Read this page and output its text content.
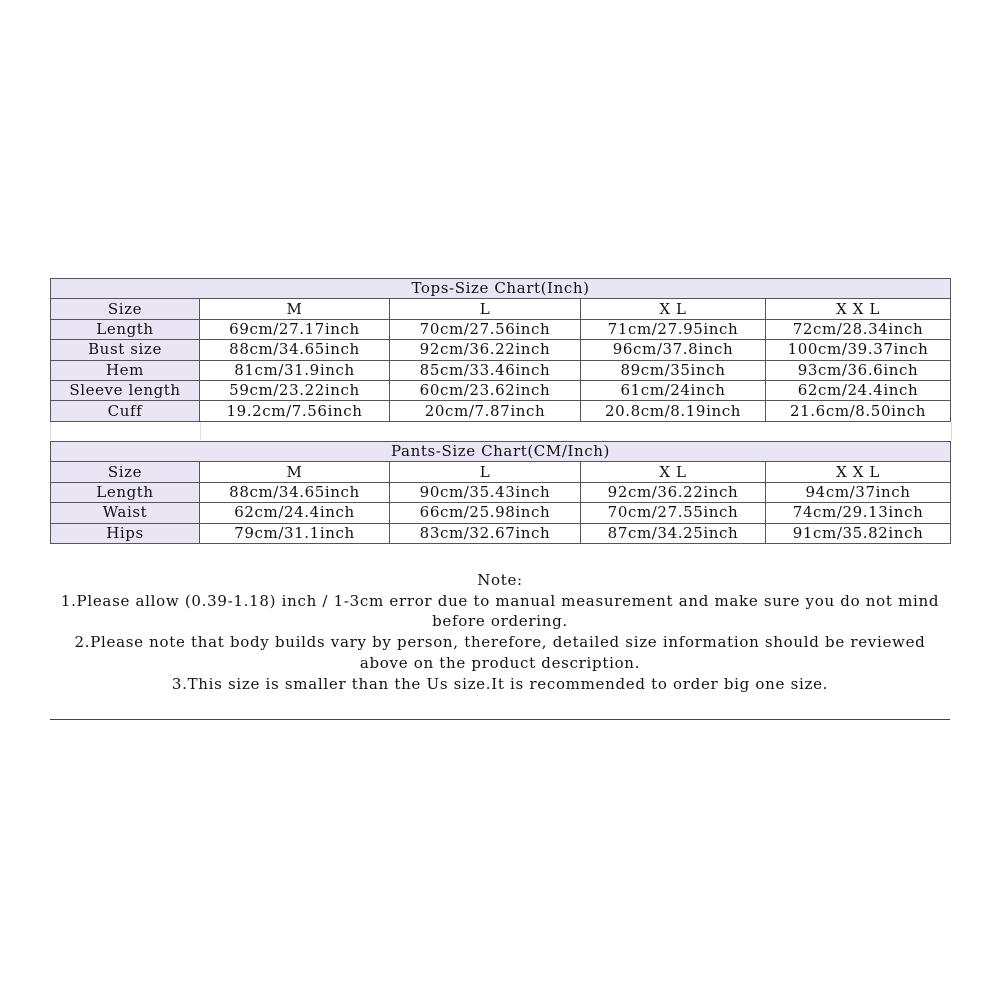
Tops-Size Chart(Inch)				
Size	M	L	X L	X X L
Length	69cm/27.17inch	70cm/27.56inch	71cm/27.95inch	72cm/28.34inch
Bust size	88cm/34.65inch	92cm/36.22inch	96cm/37.8inch	100cm/39.37inch
Hem	81cm/31.9inch	85cm/33.46inch	89cm/35inch	93cm/36.6inch
Sleeve length	59cm/23.22inch	60cm/23.62inch	61cm/24inch	62cm/24.4inch
Cuff	19.2cm/7.56inch	20cm/7.87inch	20.8cm/8.19inch	21.6cm/8.50inch
Pants-Size Chart(CM/Inch)				
Size	M	L	X L	X X L
Length	88cm/34.65inch	90cm/35.43inch	92cm/36.22inch	94cm/37inch
Waist	62cm/24.4inch	66cm/25.98inch	70cm/27.55inch	74cm/29.13inch
Hips	79cm/31.1inch	83cm/32.67inch	87cm/34.25inch	91cm/35.82inch

Note:

1.Please allow (0.39-1.18) inch / 1-3cm error due to manual measurement and make sure you do not mind before ordering.

2.Please note that body builds vary by person, therefore, detailed size information should be reviewed above on the product description.

3.This size is smaller than the Us size.It is recommended to order big one size.
